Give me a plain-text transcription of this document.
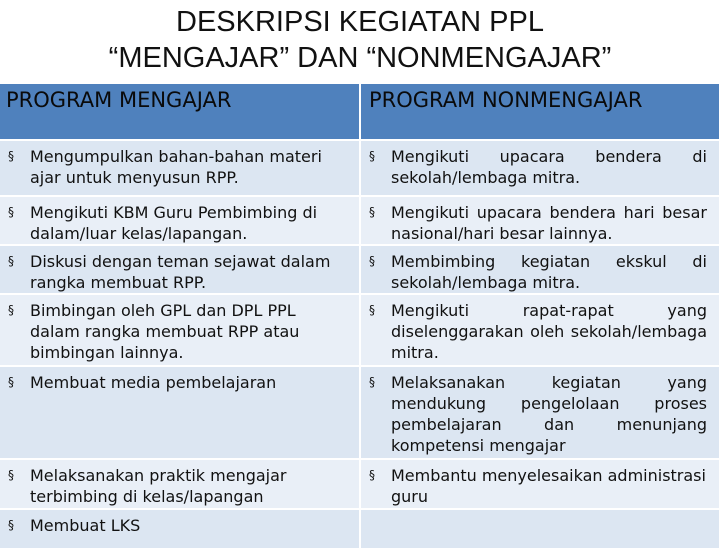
DESKRIPSI KEGIATAN PPL
“MENGAJAR” DAN “NONMENGAJAR”
PROGRAM MENGAJAR	PROGRAM NONMENGAJAR

§ Mengumpulkan bahan-bahan materi ajar untuk menyusun RPP.	§ Mengikuti upacara bendera di sekolah/lembaga mitra.

§ Mengikuti KBM Guru Pembimbing di dalam/luar kelas/lapangan.	§ Mengikuti upacara bendera hari besar nasional/hari besar lainnya.

§ Diskusi dengan teman sejawat dalam rangka membuat RPP.	§ Membimbing kegiatan ekskul di sekolah/lembaga mitra.

§ Bimbingan oleh GPL dan DPL PPL dalam rangka membuat RPP atau bimbingan lainnya.	§ Mengikuti rapat-rapat yang diselenggarakan oleh sekolah/lembaga mitra.

§ Membuat media pembelajaran	§ Melaksanakan kegiatan yang mendukung pengelolaan proses pembelajaran dan menunjang kompetensi mengajar

§ Melaksanakan praktik mengajar terbimbing di kelas/lapangan	§ Membantu menyelesaikan administrasi guru

§ Membuat LKS	
